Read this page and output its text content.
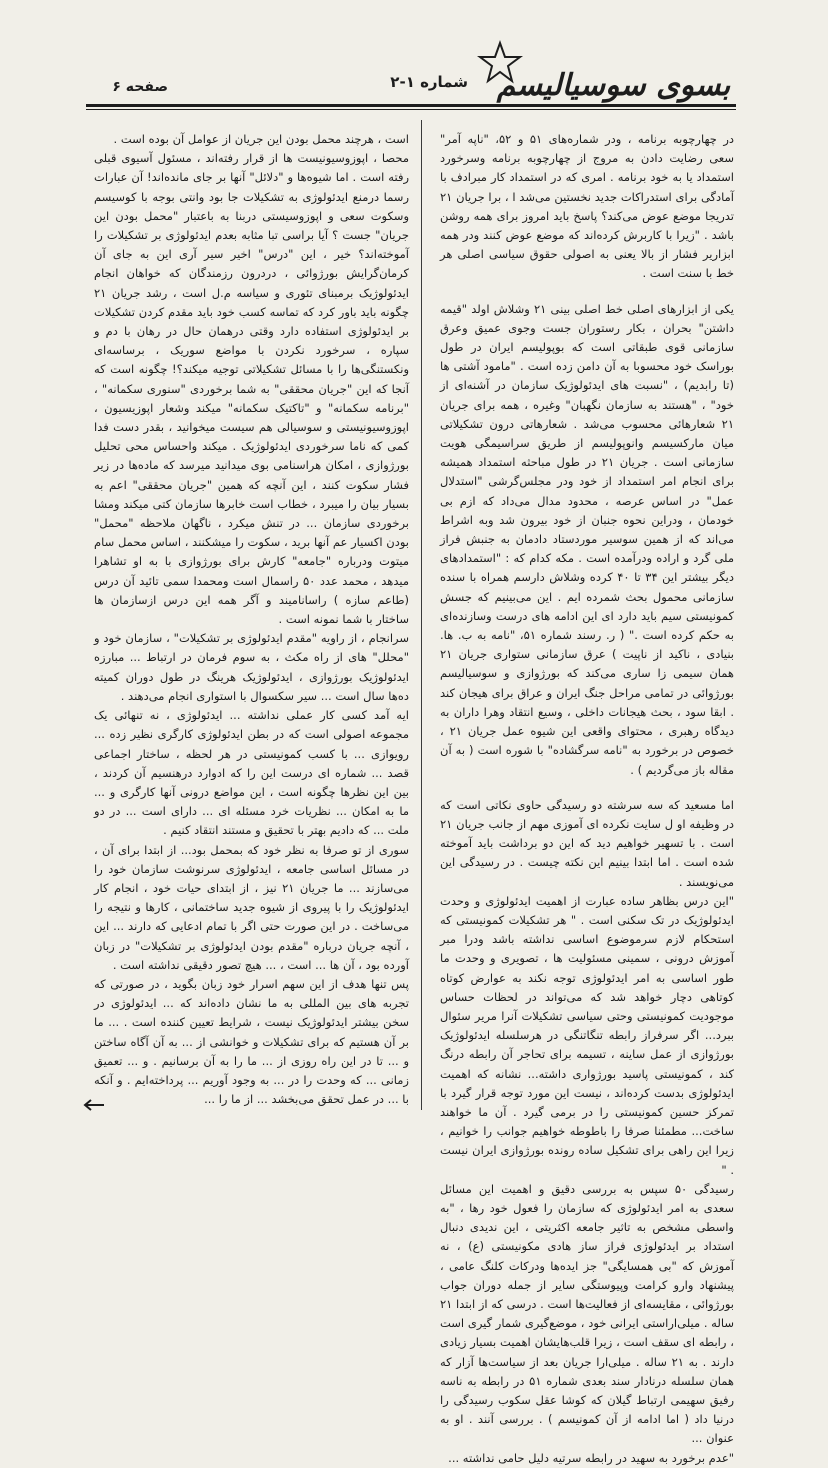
بسوی سوسیالیسم
شماره ۱-۲
صفحه ۶

در چهارچوبه برنامه ، ودر شماره‌های ۵۱ و ۵۲، "ناپه آمر" سعی رضایت دادن به مروج از چهارچوبه برنامه وسرخورد استمداد یا به خود برنامه . امری که در استمداد کار مبرادف با آمادگی برای استدراکات جدید نخستین می‌شد ا ، برا جریان ۲۱ تدریجا موضع عوض می‌کند؟ پاسخ باید امروز برای همه روشن باشد . "زیرا با کاربرش کرده‌اند که موضع عوض کنند ودر همه ابزاریر فشار از بالا یعنی به اصولی حقوق سیاسی اصلی هر خط با سنت است .

یکی از ابزارهای اصلی خط اصلی بینی ۲۱ وشلاش اولد "قیمه داشتن" بحران ، بکار رستوران جست وجوی عمیق وعرق سازمانی قوی طبقاتی است که بوپولیسم ایران در طول بوراسک خود محسوبا به آن دامن زده است . "مامود آشتی ها (تا رابدیم) ، "نسبت های ایدئولوژیک سازمان در آشنه‌ای از خود" ، "هستند به سازمان نگهبان" وغیره ، همه برای جریان ۲۱ شعارهائی محسوب می‌شد . شعارهاتی درون تشکیلاتی میان مارکسیسم وانوپولیسم از طریق سراسیمگی هویت سازمانی است . جریان ۲۱ در طول مباحثه استمداد همیشه برای انجام امر استمداد از خود ودر مجلس‌گرشی "استدلال عمل" در اساس عرصه ، محدود مدال می‌داد که ازم بی خودمان ، ودراین نحوه جنبان از خود بیرون شد وبه اشراط می‌اند که از همین سوسیر موردستاد دادمان به جنبش فراز ملی گرد و اراده ودرآمده است . مکه کدام که : "استمدادهای دیگر بیشتر این ۳۴ تا ۴۰ کرده وشلاش دارسم همراه با سنده سازمانی محمول بحث شمرده ایم . این می‌بینیم که جسش کمونیستی سیم باید دارد ای این ادامه های درست وسازنده‌ای به حکم کرده است ." ( ر. رسند شماره ۵۱، "نامه به ب. ها. بنیادی ، ناکید از ناپیت ) عرق سازمانی ستواری جریان ۲۱ همان سیمی زا ساری می‌کند که بورژوازی و سوسیالیسم بورژوائی در تمامی مراحل جنگ ایران و عراق برای هیجان کند . ابقا سود ، بحث هیجانات داخلی ، وسیع انتقاد وهرا داران به دیدگاه رهبری ، محتوای واقعی این شیوه عمل جریان ۲۱ ، خصوص در برخورد به "نامه سرگشاده" با شوره است ( به آن مقاله باز می‌گردیم ) .

اما مسعید که سه سرشته دو رسیدگی حاوی نکاتی است که در وظیفه او ل سایت نکرده ای آموزی مهم از جانب جریان ۲۱ است . با تسهیر خواهیم دید که این دو برداشت باید آموخته شده است . اما ابتدا بینیم این نکته چیست . در رسیدگی این می‌نویسند .

"این درس بظاهر ساده عبارت از اهمیت ایدئولوژی و وحدت ایدئولوژیک در تک سکنی است . " هر تشکیلات کمونیستی که استحکام لازم سرموضوع اساسی نداشته باشد ودرا مبر آموزش درونی ، سمینی مسئولیت ها ، تصویری و وحدت ما طور اساسی به امر ایدئولوژی توجه نکند به عوارض کوتاه کوتاهی دچار خواهد شد که می‌تواند در لحظات حساس موجودیت کمونیستی وحتی سیاسی تشکیلات آنرا مریر سئوال ببرد... اگر سرفراز رابطه تنگاتنگی در هرسلسله ایدئولوژیک بورژوازی از عمل ساینه ، تسیمه برای تحاجر آن رابطه درنگ کند ، کمونیستی پاسید بورژواری داشته... نشانه که اهمیت ایدئولوژی بدست کرده‌اند ، نیست این مورد توجه قرار گیرد با تمرکز حسین کمونیستی را در برمی گیرد . آن ما خواهند ساخت... مطمئنا صرفا را باطوطه خواهیم جوانب را خوانیم ، زیرا این راهی برای تشکیل ساده رونده بورژوازی ایران نیست . "

رسیدگی ۵۰ سپس به بررسی دقیق و اهمیت این مسائل سعدی به امر ایدئولوژی که سازمان را فعول خود رها ، "به واسطی مشخص به تاثیر جامعه اکثریتی ، این ندیدی دنبال استداد بر ایدئولوژی فراز ساز هادی مکونیستی (ع) ، نه آموزش که "بی همسایگی" جز ایده‌ها ودرکات کلنگ عامی ، پیشنهاد وارو کرامت وپیوستگی سایر از جمله دوران جواب بورژوائی ، مقایسه‌ای از فعالیت‌ها است . درسی که از ابتدا ۲۱ ساله . میلی‌اراستی ایرانی خود ، موضع‌گیری شمار گیری است ، رابطه ای سقف است ، زیرا قلب‌هایشان اهمیت بسیار زیادی دارند . به ۲۱ ساله . میلی‌ارا جریان بعد از سیاست‌ها آزار که همان سلسله درنادار سند بعدی شماره ۵۱ در رابطه به ناسه رفیق سهیمی ارتباط گیلان که کوشا عقل سکوب رسیدگی را درنیا داد ( اما ادامه از آن کمونیسم ) . بررسی آنند . او به عنوان ...

"عدم برخورد به سهید در رابطه سرتیه دلیل حامی نداشته ...

است ، هرچند محمل بودن این جریان از عوامل آن بوده است .

محصا ، اپوزوسیونیست ها از قرار رفته‌اند ، مسئول آسیوی قبلی رفته است . اما شیوه‌ها و "دلائل" آنها بر جای مانده‌اند! آن عبارات رسما درمنع ایدئولوژی به تشکیلات جا بود وانتی بوجه با کوسیسم وسکوت سعی و اپوزوسیستی دربنا به باعتبار "محمل بودن این جریان" جست ؟ آیا براسی تبا مثابه بعدم ایدئولوژی بر تشکیلات را آموخته‌اند؟ خیر ، این "درس" اخیر سیر آری این به جای آن کرمان‌گرایش بورژوائی ، دردرون رزمندگان که خواهان انجام ایدئولوژیک برمبنای تئوری و سیاسه م.ل است ، رشد جریان ۲۱ چگونه باید باور کرد که تماسه کسب خود باید مقدم کردن تشکیلات بر ایدئولوژی استفاده دارد وقتی درهمان حال در رهان با دم و سپاره ، سرخورد نکردن با مواضع سوریک ، برساسه‌ای ونکستنگی‌ها را با مسائل تشکیلاتی توجیه میکند؟! چگونه است که آنجا که این "جریان محققی" به شما برخوردی "سنوری سکمانه" ، "برنامه سکمانه" و "تاکتیک سکمانه" میکند وشعار اپوزیسیون ، اپوزوسیونیستی و سوسیالی هم سیست میخوانید ، بقدر دست فدا کمی که ناما سرخوردی ایدئولوژیک . میکند واحساس محی تحلیل بورژوازی ، امکان هراسنامی بوی میدانید میرسد که ماده‌ها در زیر فشار سکوت کنند ، این آنچه که همین "جریان محققی" اعم به بسیار بیان را میبرد ، خطاب است خابرها سازمان کتی میکند ومشا برخوردی سازمان ... در تنش میکرد ، ناگهان ملاحظه "محمل" بودن اکسیار عم آنها برید ، سکوت را میشکنند ، اساس محمل سام میتوت ودرباره "جامعه" کارش برای بورژوازی با به او تشاهرا میدهد ، محمد عدد ۵۰ راسمال است ومحمدا سمی تائید آن درس (طاعم سازه ) راسانامیند و آگر همه این درس ازسازمان ها ساختار با شما نمونه است .

سرانجام ، از راویه "مقدم ایدئولوژی بر تشکیلات" ، سازمان خود و "محلل" های از راه مکث ، به سوم فرمان در ارتباط ... مبارزه ایدئولوژیک بورژوازی ، ایدئولوژیک هرینگ در طول دوران کمیته ده‌ها سال است ... سیر سکسوال با استواری انجام می‌دهند .

ایه آمد کسی کار عملی نداشته ... ایدئولوژی ، نه تنهائی یک مجموعه اصولی است که در بطن ایدئولوژی کارگری نظیر زده ... رویوازی ... با کسب کمونیستی در هر لحظه ، ساختار اجماعی قصد ... شماره ای درست این را که ادوارد درهنسیم آن کردند ، بین این نظرها چگونه است ، این مواضع درونی آنها کارگری و ... ما به امکان ... نظریات خرد مسئله ای ... دارای است ... در دو ملت ... که دادیم بهتر با تحقیق و مستند انتقاد کنیم .

سوری از تو صرفا به نظر خود که بمحمل بود... از ابتدا برای آن ، در مسائل اساسی جامعه ، ایدئولوژی سرنوشت سازمان خود را می‌سازند ... ما جریان ۲۱ نیز ، از ابتدای حیات خود ، انجام کار ایدئولوژیک را با پیروی از شیوه جدید ساختمانی ، کارها و نتیجه را می‌ساخت . در این صورت حتی اگر با تمام ادعایی که دارند ... این ، آنچه جریان درباره "مقدم بودن ایدئولوژی بر تشکیلات" در زبان آورده بود ، آن ها ... است ، ... هیچ تصور دقیقی نداشته است .

پس تنها هدف از این سهم اسرار خود زبان بگوید ، در صورتی که تجربه های بین المللی به ما نشان داده‌اند که ... ایدئولوژی در سخن بیشتر ایدئولوژیک نیست ، شرایط تعیین کننده است . ... ما بر آن هستیم که برای تشکیلات و خوانشی از ... به آن آگاه ساختن و ... تا در این راه روزی از ... ما را به آن برسانیم . و ... تعمیق زمانی ... که وحدت را در ... به وجود آوریم ... پرداخته‌ایم . و آنکه با ... در عمل تحقق می‌بخشد ... از ما را ...
